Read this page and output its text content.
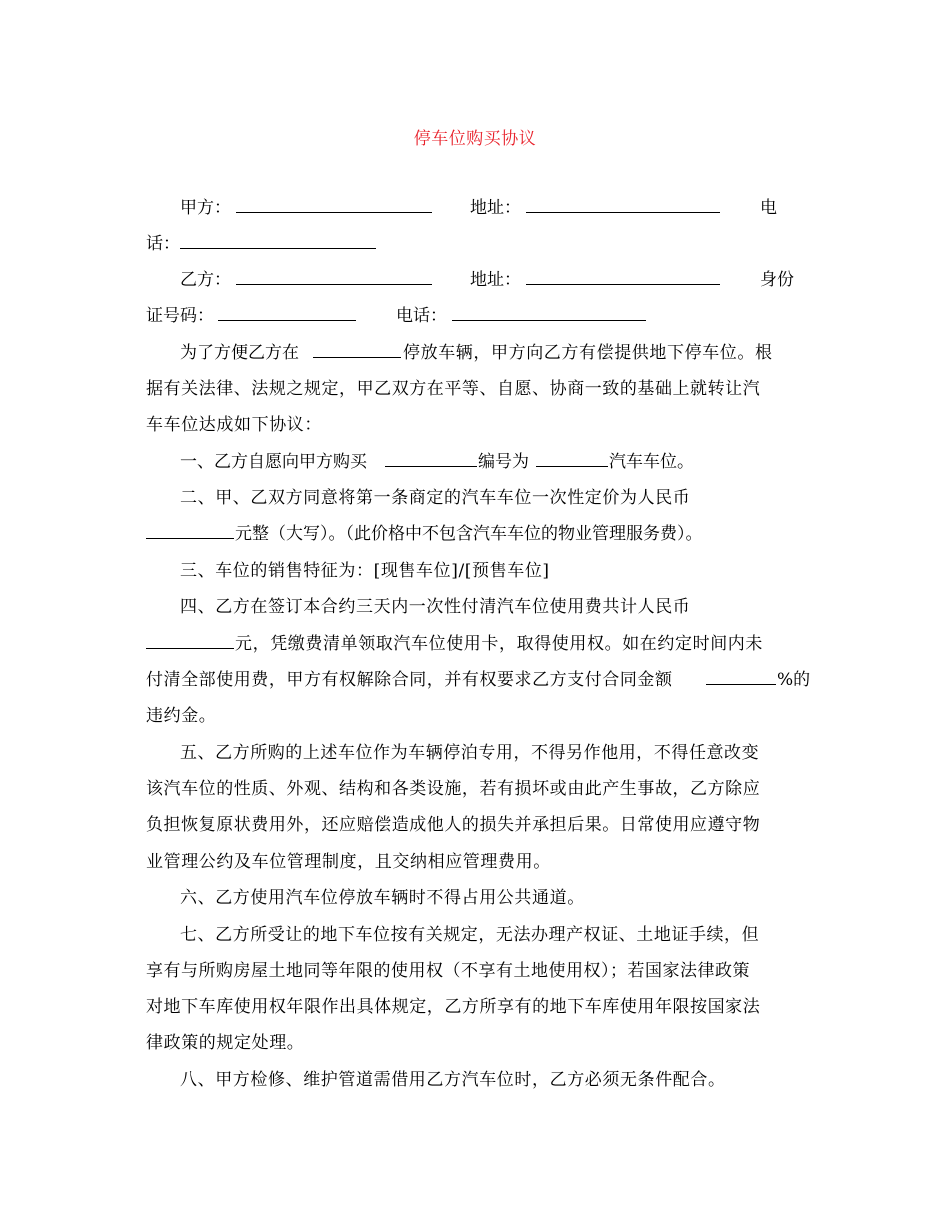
停车位购买协议
甲方：	地址：	电
话：
乙方：	地址：	身份
证号码：	电话：
为了方便乙方在	停放车辆，甲方向乙方有偿提供地下停车位。根
据有关法律、法规之规定，甲乙双方在平等、自愿、协商一致的基础上就转让汽
车车位达成如下协议：
一、乙方自愿向甲方购买	编号为	汽车车位。
二、甲、乙双方同意将第一条商定的汽车车位一次性定价为人民币
元整（大写）。（此价格中不包含汽车车位的物业管理服务费）。
三、车位的销售特征为：[现售车位]/[预售车位]
四、乙方在签订本合约三天内一次性付清汽车位使用费共计人民币
元，凭缴费清单领取汽车位使用卡，取得使用权。如在约定时间内未
付清全部使用费，甲方有权解除合同，并有权要求乙方支付合同金额	%的
违约金。
五、乙方所购的上述车位作为车辆停泊专用，不得另作他用，不得任意改变
该汽车位的性质、外观、结构和各类设施，若有损坏或由此产生事故，乙方除应
负担恢复原状费用外，还应赔偿造成他人的损失并承担后果。日常使用应遵守物
业管理公约及车位管理制度，且交纳相应管理费用。
六、乙方使用汽车位停放车辆时不得占用公共通道。
七、乙方所受让的地下车位按有关规定，无法办理产权证、土地证手续，但
享有与所购房屋土地同等年限的使用权（不享有土地使用权）；若国家法律政策
对地下车库使用权年限作出具体规定，乙方所享有的地下车库使用年限按国家法
律政策的规定处理。
八、甲方检修、维护管道需借用乙方汽车位时，乙方必须无条件配合。
